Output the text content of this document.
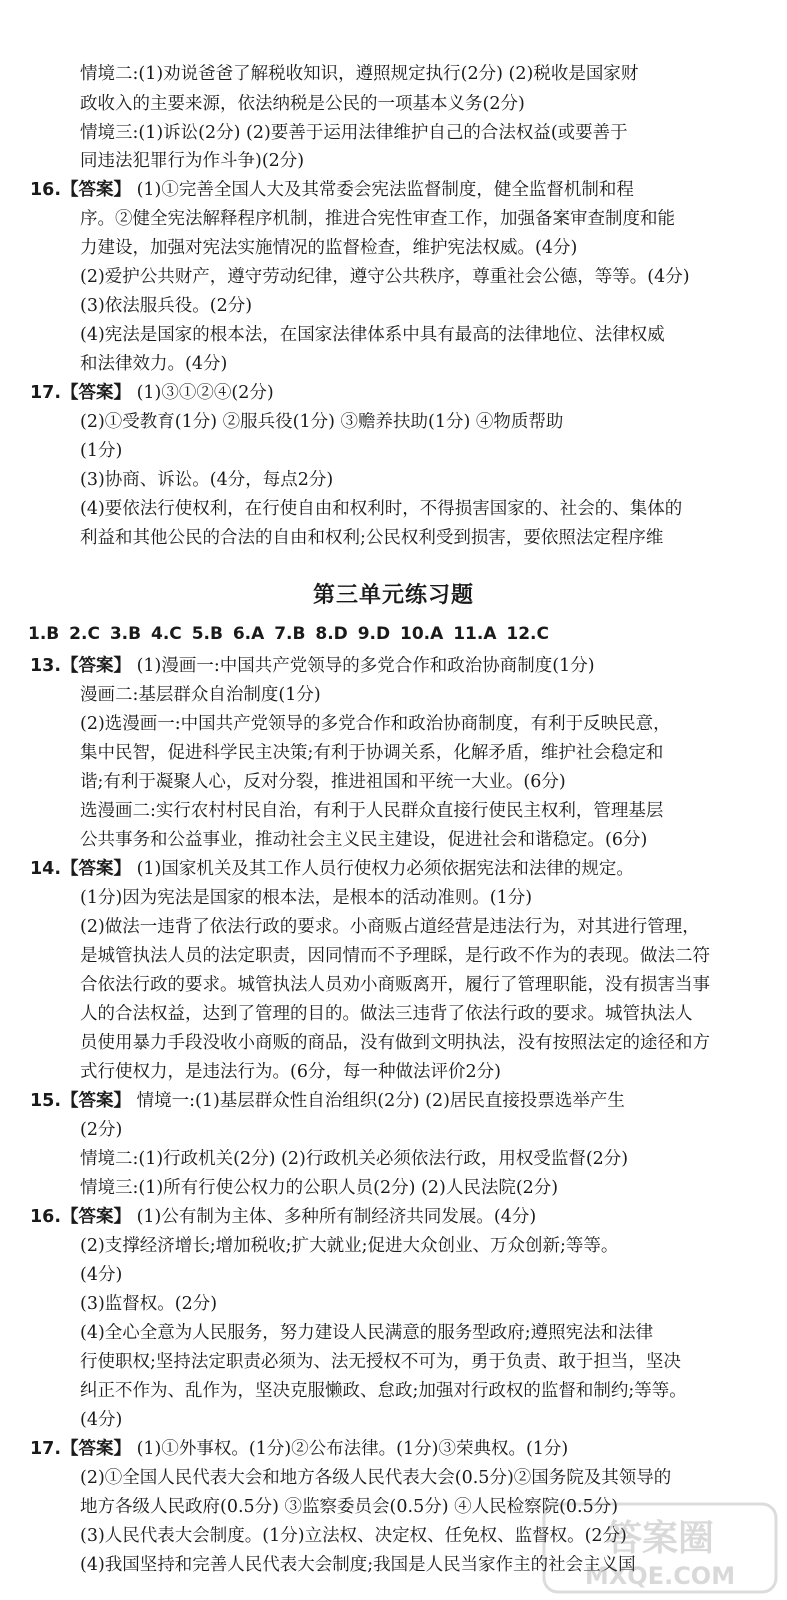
情境二:(1)劝说爸爸了解税收知识，遵照规定执行(2分) (2)税收是国家财
政收入的主要来源，依法纳税是公民的一项基本义务(2分)
情境三:(1)诉讼(2分) (2)要善于运用法律维护自己的合法权益(或要善于
同违法犯罪行为作斗争)(2分)
16.【答案】 (1)①完善全国人大及其常委会宪法监督制度，健全监督机制和程
序。②健全宪法解释程序机制，推进合宪性审查工作，加强备案审查制度和能
力建设，加强对宪法实施情况的监督检查，维护宪法权威。(4分)
(2)爱护公共财产，遵守劳动纪律，遵守公共秩序，尊重社会公德，等等。(4分)
(3)依法服兵役。(2分)
(4)宪法是国家的根本法，在国家法律体系中具有最高的法律地位、法律权威
和法律效力。(4分)
17.【答案】 (1)③①②④(2分)
(2)①受教育(1分) ②服兵役(1分) ③赡养扶助(1分) ④物质帮助
(1分)
(3)协商、诉讼。(4分，每点2分)
(4)要依法行使权利，在行使自由和权利时，不得损害国家的、社会的、集体的
利益和其他公民的合法的自由和权利;公民权利受到损害，要依照法定程序维
第三单元练习题
1.B 2.C 3.B 4.C 5.B 6.A 7.B 8.D 9.D 10.A 11.A 12.C
13.【答案】 (1)漫画一:中国共产党领导的多党合作和政治协商制度(1分)
漫画二:基层群众自治制度(1分)
(2)选漫画一:中国共产党领导的多党合作和政治协商制度，有利于反映民意，
集中民智，促进科学民主决策;有利于协调关系，化解矛盾，维护社会稳定和
谐;有利于凝聚人心，反对分裂，推进祖国和平统一大业。(6分)
选漫画二:实行农村村民自治，有利于人民群众直接行使民主权利，管理基层
公共事务和公益事业，推动社会主义民主建设，促进社会和谐稳定。(6分)
14.【答案】 (1)国家机关及其工作人员行使权力必须依据宪法和法律的规定。
(1分)因为宪法是国家的根本法，是根本的活动准则。(1分)
(2)做法一违背了依法行政的要求。小商贩占道经营是违法行为，对其进行管理，
是城管执法人员的法定职责，因同情而不予理睬，是行政不作为的表现。做法二符
合依法行政的要求。城管执法人员劝小商贩离开，履行了管理职能，没有损害当事
人的合法权益，达到了管理的目的。做法三违背了依法行政的要求。城管执法人
员使用暴力手段没收小商贩的商品，没有做到文明执法，没有按照法定的途径和方
式行使权力，是违法行为。(6分，每一种做法评价2分)
15.【答案】 情境一:(1)基层群众性自治组织(2分) (2)居民直接投票选举产生
(2分)
情境二:(1)行政机关(2分) (2)行政机关必须依法行政，用权受监督(2分)
情境三:(1)所有行使公权力的公职人员(2分) (2)人民法院(2分)
16.【答案】 (1)公有制为主体、多种所有制经济共同发展。(4分)
(2)支撑经济增长;增加税收;扩大就业;促进大众创业、万众创新;等等。
(4分)
(3)监督权。(2分)
(4)全心全意为人民服务，努力建设人民满意的服务型政府;遵照宪法和法律
行使职权;坚持法定职责必须为、法无授权不可为，勇于负责、敢于担当，坚决
纠正不作为、乱作为，坚决克服懒政、怠政;加强对行政权的监督和制约;等等。
(4分)
17.【答案】 (1)①外事权。(1分)②公布法律。(1分)③荣典权。(1分)
(2)①全国人民代表大会和地方各级人民代表大会(0.5分)②国务院及其领导的
地方各级人民政府(0.5分) ③监察委员会(0.5分) ④人民检察院(0.5分)
(3)人民代表大会制度。(1分)立法权、决定权、任免权、监督权。(2分)
(4)我国坚持和完善人民代表大会制度;我国是人民当家作主的社会主义国
答案圈
MXQE.COM
